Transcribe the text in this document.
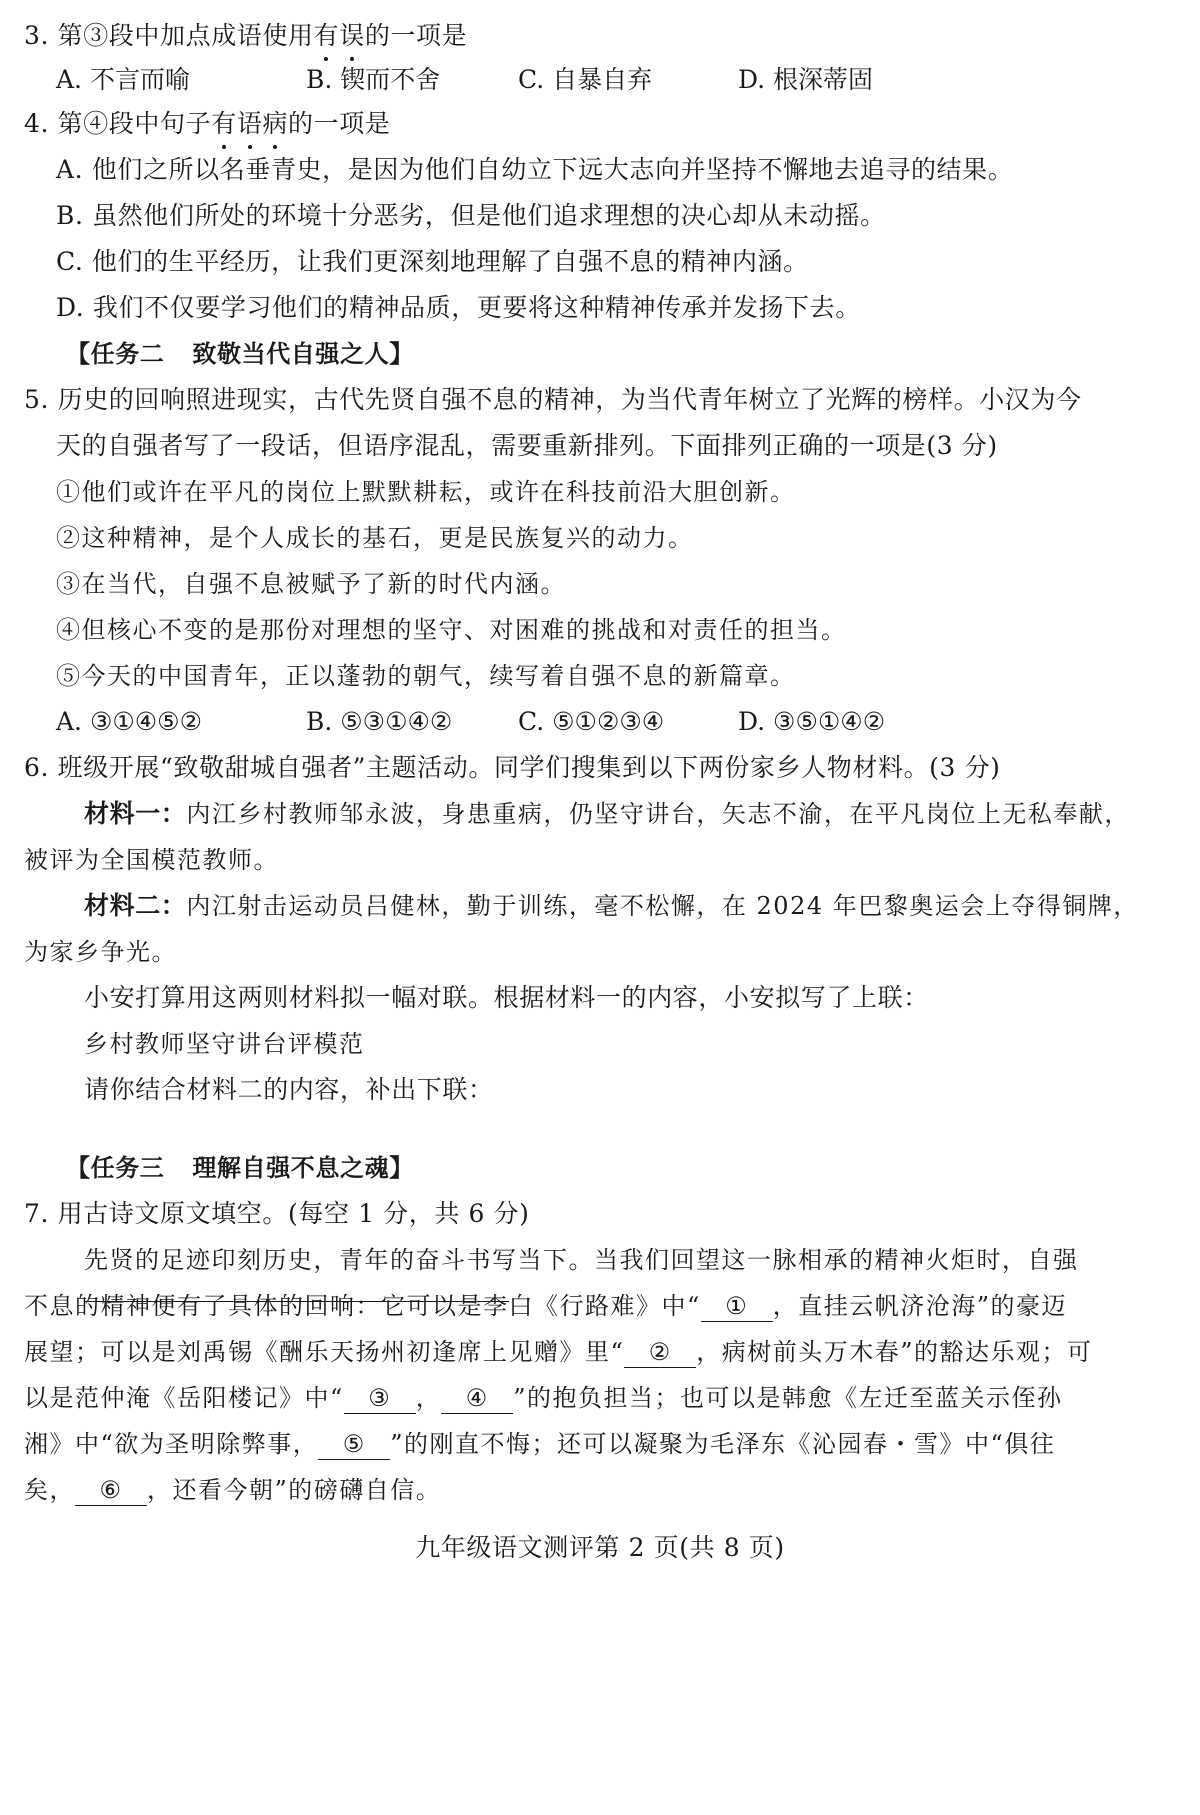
3. 第③段中加点成语使用有误的一项是
A. 不言而喻	B. 锲而不舍	C. 自暴自弃	D. 根深蒂固
4. 第④段中句子有语病的一项是
A. 他们之所以名垂青史，是因为他们自幼立下远大志向并坚持不懈地去追寻的结果。
B. 虽然他们所处的环境十分恶劣，但是他们追求理想的决心却从未动摇。
C. 他们的生平经历，让我们更深刻地理解了自强不息的精神内涵。
D. 我们不仅要学习他们的精神品质，更要将这种精神传承并发扬下去。
【任务二 致敬当代自强之人】
5. 历史的回响照进现实，古代先贤自强不息的精神，为当代青年树立了光辉的榜样。小汉为今
天的自强者写了一段话，但语序混乱，需要重新排列。下面排列正确的一项是(3 分)
①他们或许在平凡的岗位上默默耕耘，或许在科技前沿大胆创新。
②这种精神，是个人成长的基石，更是民族复兴的动力。
③在当代，自强不息被赋予了新的时代内涵。
④但核心不变的是那份对理想的坚守、对困难的挑战和对责任的担当。
⑤今天的中国青年，正以蓬勃的朝气，续写着自强不息的新篇章。
A. ③①④⑤②	B. ⑤③①④②	C. ⑤①②③④	D. ③⑤①④②
6. 班级开展“致敬甜城自强者”主题活动。同学们搜集到以下两份家乡人物材料。(3 分)
材料一：内江乡村教师邹永波，身患重病，仍坚守讲台，矢志不渝，在平凡岗位上无私奉献，
被评为全国模范教师。
材料二：内江射击运动员吕健林，勤于训练，毫不松懈，在 2024 年巴黎奥运会上夺得铜牌，
为家乡争光。
小安打算用这两则材料拟一幅对联。根据材料一的内容，小安拟写了上联：
乡村教师坚守讲台评模范
请你结合材料二的内容，补出下联：
【任务三 理解自强不息之魂】
7. 用古诗文原文填空。(每空 1 分，共 6 分)
先贤的足迹印刻历史，青年的奋斗书写当下。当我们回望这一脉相承的精神火炬时，自强
不息的精神便有了具体的回响：它可以是李白《行路难》中“ ① ，直挂云帆济沧海”的豪迈
展望；可以是刘禹锡《酬乐天扬州初逢席上见赠》里“ ② ，病树前头万木春”的豁达乐观；可
以是范仲淹《岳阳楼记》中“ ③ ， ④ ”的抱负担当；也可以是韩愈《左迁至蓝关示侄孙
湘》中“欲为圣明除弊事， ⑤ ”的刚直不悔；还可以凝聚为毛泽东《沁园春・雪》中“俱往
矣， ⑥ ，还看今朝”的磅礴自信。
九年级语文测评第 2 页(共 8 页)
